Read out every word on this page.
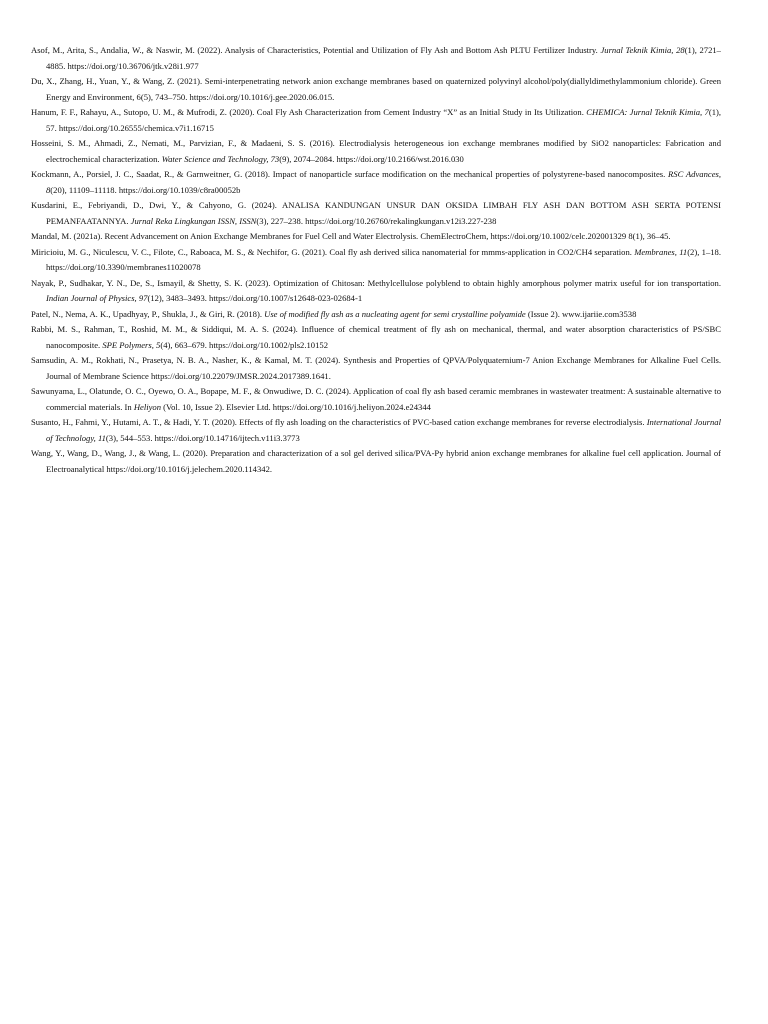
Asof, M., Arita, S., Andalia, W., & Naswir, M. (2022). Analysis of Characteristics, Potential and Utilization of Fly Ash and Bottom Ash PLTU Fertilizer Industry. Jurnal Teknik Kimia, 28(1), 2721–4885. https://doi.org/10.36706/jtk.v28i1.977
Du, X., Zhang, H., Yuan, Y., & Wang, Z. (2021). Semi-interpenetrating network anion exchange membranes based on quaternized polyvinyl alcohol/poly(diallyldimethylammonium chloride). Green Energy and Environment, 6(5), 743–750. https://doi.org/10.1016/j.gee.2020.06.015.
Hanum, F. F., Rahayu, A., Sutopo, U. M., & Mufrodi, Z. (2020). Coal Fly Ash Characterization from Cement Industry “X” as an Initial Study in Its Utilization. CHEMICA: Jurnal Teknik Kimia, 7(1), 57. https://doi.org/10.26555/chemica.v7i1.16715
Hosseini, S. M., Ahmadi, Z., Nemati, M., Parvizian, F., & Madaeni, S. S. (2016). Electrodialysis heterogeneous ion exchange membranes modified by SiO2 nanoparticles: Fabrication and electrochemical characterization. Water Science and Technology, 73(9), 2074–2084. https://doi.org/10.2166/wst.2016.030
Kockmann, A., Porsiel, J. C., Saadat, R., & Garnweitner, G. (2018). Impact of nanoparticle surface modification on the mechanical properties of polystyrene-based nanocomposites. RSC Advances, 8(20), 11109–11118. https://doi.org/10.1039/c8ra00052b
Kusdarini, E., Febriyandi, D., Dwi, Y., & Cahyono, G. (2024). ANALISA KANDUNGAN UNSUR DAN OKSIDA LIMBAH FLY ASH DAN BOTTOM ASH SERTA POTENSI PEMANFAATANNYA. Jurnal Reka Lingkungan ISSN, ISSN(3), 227–238. https://doi.org/10.26760/rekalingkungan.v12i3.227-238
Mandal, M. (2021a). Recent Advancement on Anion Exchange Membranes for Fuel Cell and Water Electrolysis. ChemElectroChem, https://doi.org/10.1002/celc.202001329 8(1), 36–45.
Miricioiu, M. G., Niculescu, V. C., Filote, C., Raboaca, M. S., & Nechifor, G. (2021). Coal fly ash derived silica nanomaterial for mmms-application in CO2/CH4 separation. Membranes, 11(2), 1–18. https://doi.org/10.3390/membranes11020078
Nayak, P., Sudhakar, Y. N., De, S., Ismayil, & Shetty, S. K. (2023). Optimization of Chitosan: Methylcellulose polyblend to obtain highly amorphous polymer matrix useful for ion transportation. Indian Journal of Physics, 97(12), 3483–3493. https://doi.org/10.1007/s12648-023-02684-1
Patel, N., Nema, A. K., Upadhyay, P., Shukla, J., & Giri, R. (2018). Use of modified fly ash as a nucleating agent for semi crystalline polyamide (Issue 2). www.ijariie.com3538
Rabbi, M. S., Rahman, T., Roshid, M. M., & Siddiqui, M. A. S. (2024). Influence of chemical treatment of fly ash on mechanical, thermal, and water absorption characteristics of PS/SBC nanocomposite. SPE Polymers, 5(4), 663–679. https://doi.org/10.1002/pls2.10152
Samsudin, A. M., Rokhati, N., Prasetya, N. B. A., Nasher, K., & Kamal, M. T. (2024). Synthesis and Properties of QPVA/Polyquaternium-7 Anion Exchange Membranes for Alkaline Fuel Cells. Journal of Membrane Science https://doi.org/10.22079/JMSR.2024.2017389.1641.
Sawunyama, L., Olatunde, O. C., Oyewo, O. A., Bopape, M. F., & Onwudiwe, D. C. (2024). Application of coal fly ash based ceramic membranes in wastewater treatment: A sustainable alternative to commercial materials. In Heliyon (Vol. 10, Issue 2). Elsevier Ltd. https://doi.org/10.1016/j.heliyon.2024.e24344
Susanto, H., Fahmi, Y., Hutami, A. T., & Hadi, Y. T. (2020). Effects of fly ash loading on the characteristics of PVC-based cation exchange membranes for reverse electrodialysis. International Journal of Technology, 11(3), 544–553. https://doi.org/10.14716/ijtech.v11i3.3773
Wang, Y., Wang, D., Wang, J., & Wang, L. (2020). Preparation and characterization of a sol gel derived silica/PVA-Py hybrid anion exchange membranes for alkaline fuel cell application. Journal of Electroanalytical https://doi.org/10.1016/j.jelechem.2020.114342.
